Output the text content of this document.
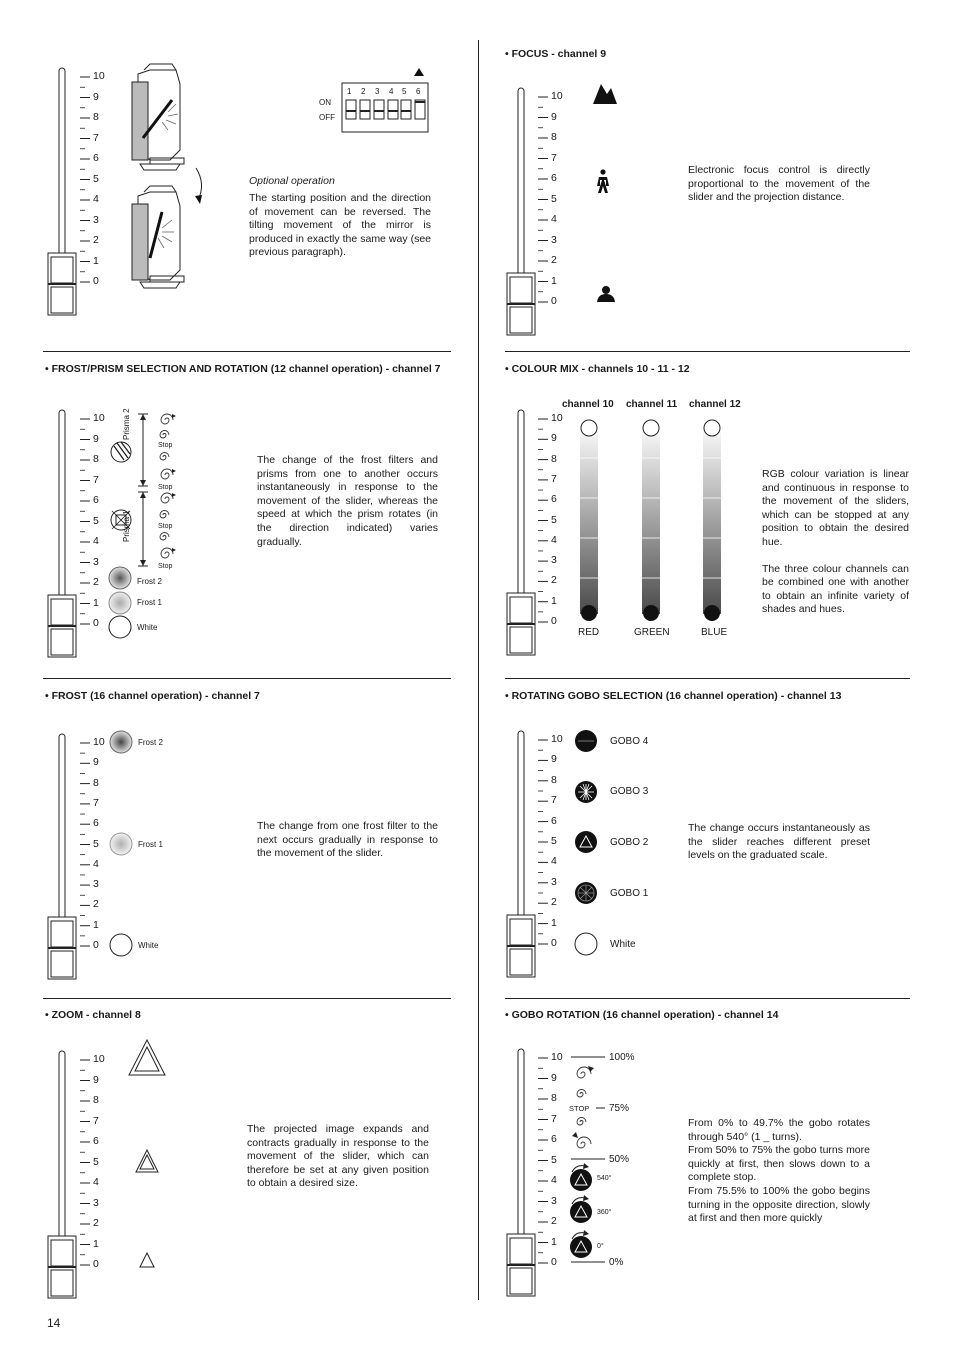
• FOCUS - channel 9
• FROST/PRISM SELECTION AND ROTATION (12 channel operation) - channel 7	• COLOUR MIX - channels 10 - 11 - 12
• FROST (16 channel operation) - channel 7	• ROTATING GOBO SELECTION (16 channel operation) - channel 13
• ZOOM - channel 8	• GOBO ROTATION (16 channel operation) - channel 14
10
9
8
7
6
5
4
3
2
1
0
10
9
8
7
6
5
4
3
2
1
0
10
9
8
7
6
5
4
3
2
1
0
10
9
8
7
6
5
4
3
2
1
0
10
9
8
7
6
5
4
3
2
1
0
10
9
8
7
6
5
4
3
2
1
0
10
9
8
7
6
5
4
3
2
1
0
10
9
8
7
6
5
4
3
2
1
0
1 2 3 4 5 6
ON
OFF
Optional operation
The starting position and the direction of movement can be reversed. The tilting movement of the mirror is produced in exactly the same way (see previous paragraph).
Electronic focus control is directly proportional to the movement of the slider and the projection distance.
Prisma 2
Prisma 1
Stop
Stop
Stop
Stop
Frost 2
Frost 1
White
The change of the frost filters and prisms from one to another occurs instantaneously in response to the movement of the slider, whereas the speed at which the prism rotates (in the direction indicated) varies gradually.
channel 10 channel 11 channel 12
RED	GREEN	BLUE

RGB colour variation is linear and continuous in response to the movement of the sliders, which can be stopped at any position to obtain the desired hue.

The three colour channels can be combined one with another to obtain an infinite variety of shades and hues.

Frost 2
Frost 1
White
The change from one frost filter to the next occurs gradually in response to the movement of the slider.
GOBO 4
GOBO 3
GOBO 2
GOBO 1
White
The change occurs instantaneously as the slider reaches different preset levels on the graduated scale.
The projected image expands and contracts gradually in response to the movement of the slider, which can therefore be set at any given position to obtain a desired size.
100%
75%
50%
0%
STOP
540°
360°
0°
From 0% to 49.7% the gobo rotates through 540° (1 _ turns).
From 50% to 75% the gobo turns more quickly at first, then slows down to a complete stop.
From 75.5% to 100% the gobo begins turning in the opposite direction, slowly at first and then more quickly
14
